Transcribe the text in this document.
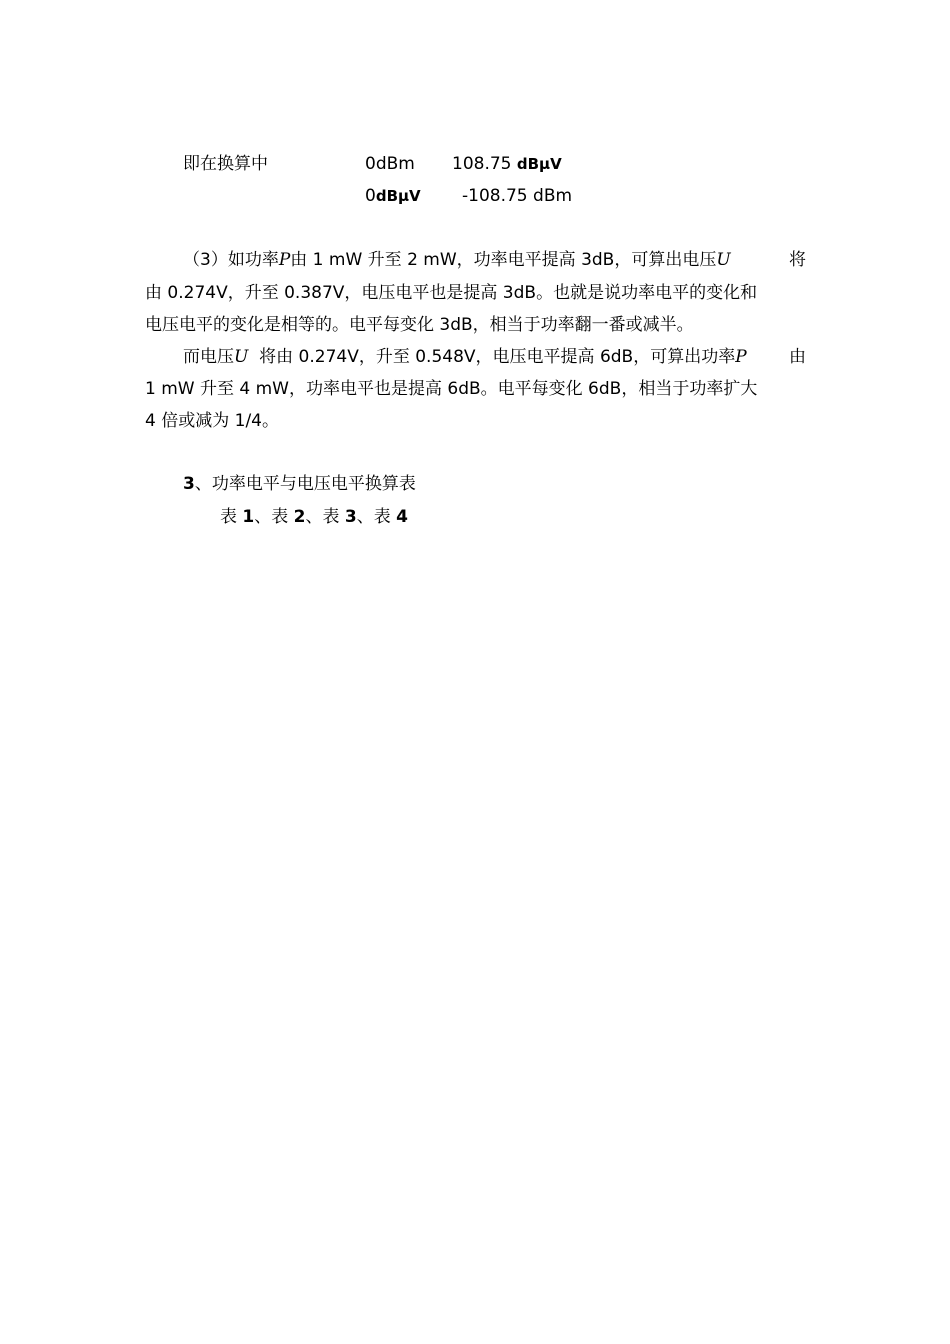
即在换算中	0dBm 108.75 dBμV
0dBμV -108.75 dBm
（3）如功率P由 1 mW 升至 2 mW，功率电平提高 3dB，可算出电压U	将
由 0.274V，升至 0.387V，电压电平也是提高 3dB。也就是说功率电平的变化和
电压电平的变化是相等的。电平每变化 3dB，相当于功率翻一番或减半。
而电压U 将由 0.274V，升至 0.548V，电压电平提高 6dB，可算出功率P 由
1 mW 升至 4 mW，功率电平也是提高 6dB。电平每变化 6dB，相当于功率扩大
4 倍或减为 1/4。
3、功率电平与电压电平换算表
表 1、表 2、表 3、表 4
